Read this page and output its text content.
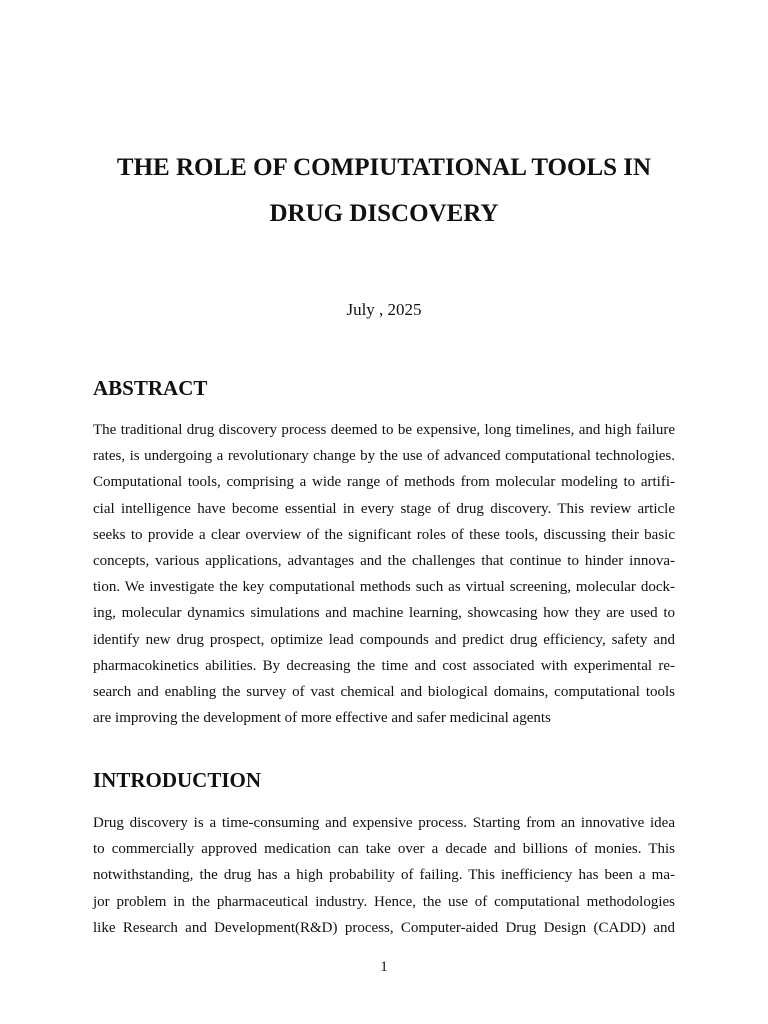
THE ROLE OF COMPIUTATIONAL TOOLS IN
DRUG DISCOVERY
July , 2025
ABSTRACT
The traditional drug discovery process deemed to be expensive, long timelines, and high failure
rates, is undergoing a revolutionary change by the use of advanced computational technologies.
Computational tools, comprising a wide range of methods from molecular modeling to artifi-
cial intelligence have become essential in every stage of drug discovery. This review article
seeks to provide a clear overview of the significant roles of these tools, discussing their basic
concepts, various applications, advantages and the challenges that continue to hinder innova-
tion. We investigate the key computational methods such as virtual screening, molecular dock-
ing, molecular dynamics simulations and machine learning, showcasing how they are used to
identify new drug prospect, optimize lead compounds and predict drug efficiency, safety and
pharmacokinetics abilities. By decreasing the time and cost associated with experimental re-
search and enabling the survey of vast chemical and biological domains, computational tools
are improving the development of more effective and safer medicinal agents
INTRODUCTION
Drug discovery is a time-consuming and expensive process. Starting from an innovative idea
to commercially approved medication can take over a decade and billions of monies. This
notwithstanding, the drug has a high probability of failing. This inefficiency has been a ma-
jor problem in the pharmaceutical industry. Hence, the use of computational methodologies
like Research and Development(R&D) process, Computer-aided Drug Design (CADD) and
1
